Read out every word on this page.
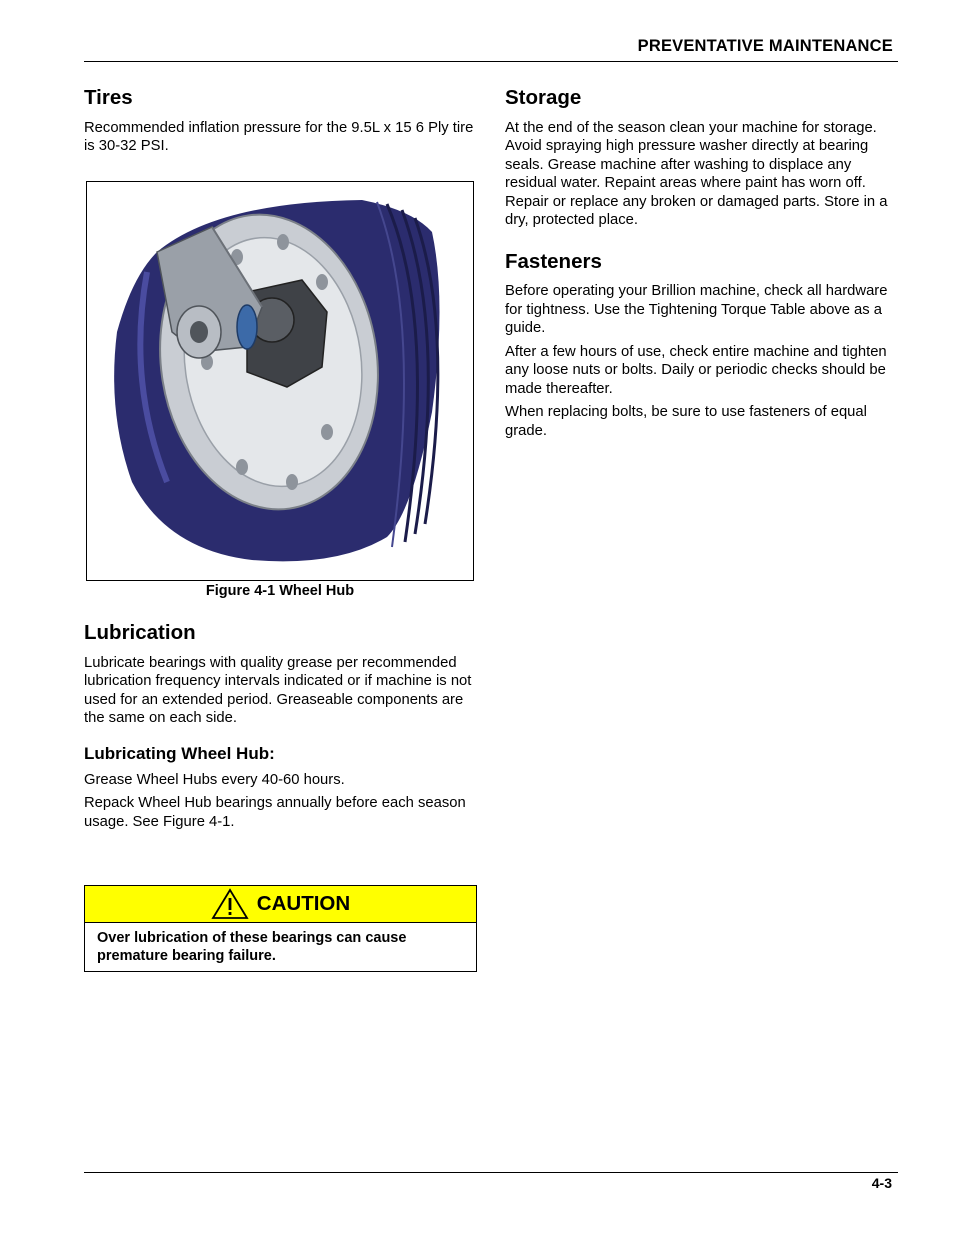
PREVENTATIVE MAINTENANCE
Tires

Recommended inflation pressure for the 9.5L x 15 6 Ply tire is 30-32 PSI.

Figure 4-1 Wheel Hub
Lubrication

Lubricate bearings with quality grease per recommended lubrication frequency intervals indicated or if machine is not used for an extended period. Greaseable components are the same on each side.

Lubricating Wheel Hub:

Grease Wheel Hubs every 40-60 hours.

Repack Wheel Hub bearings annually before each season usage. See Figure 4-1.

CAUTION
Over lubrication of these bearings can cause premature bearing failure.
Storage

At the end of the season clean your machine for storage. Avoid spraying high pressure washer directly at bearing seals. Grease machine after washing to displace any residual water. Repaint areas where paint has worn off. Repair or replace any broken or damaged parts. Store in a dry, protected place.

Fasteners

Before operating your Brillion machine, check all hardware for tightness. Use the Tightening Torque Table above as a guide.

After a few hours of use, check entire machine and tighten any loose nuts or bolts. Daily or periodic checks should be made thereafter.

When replacing bolts, be sure to use fasteners of equal grade.

4-3
